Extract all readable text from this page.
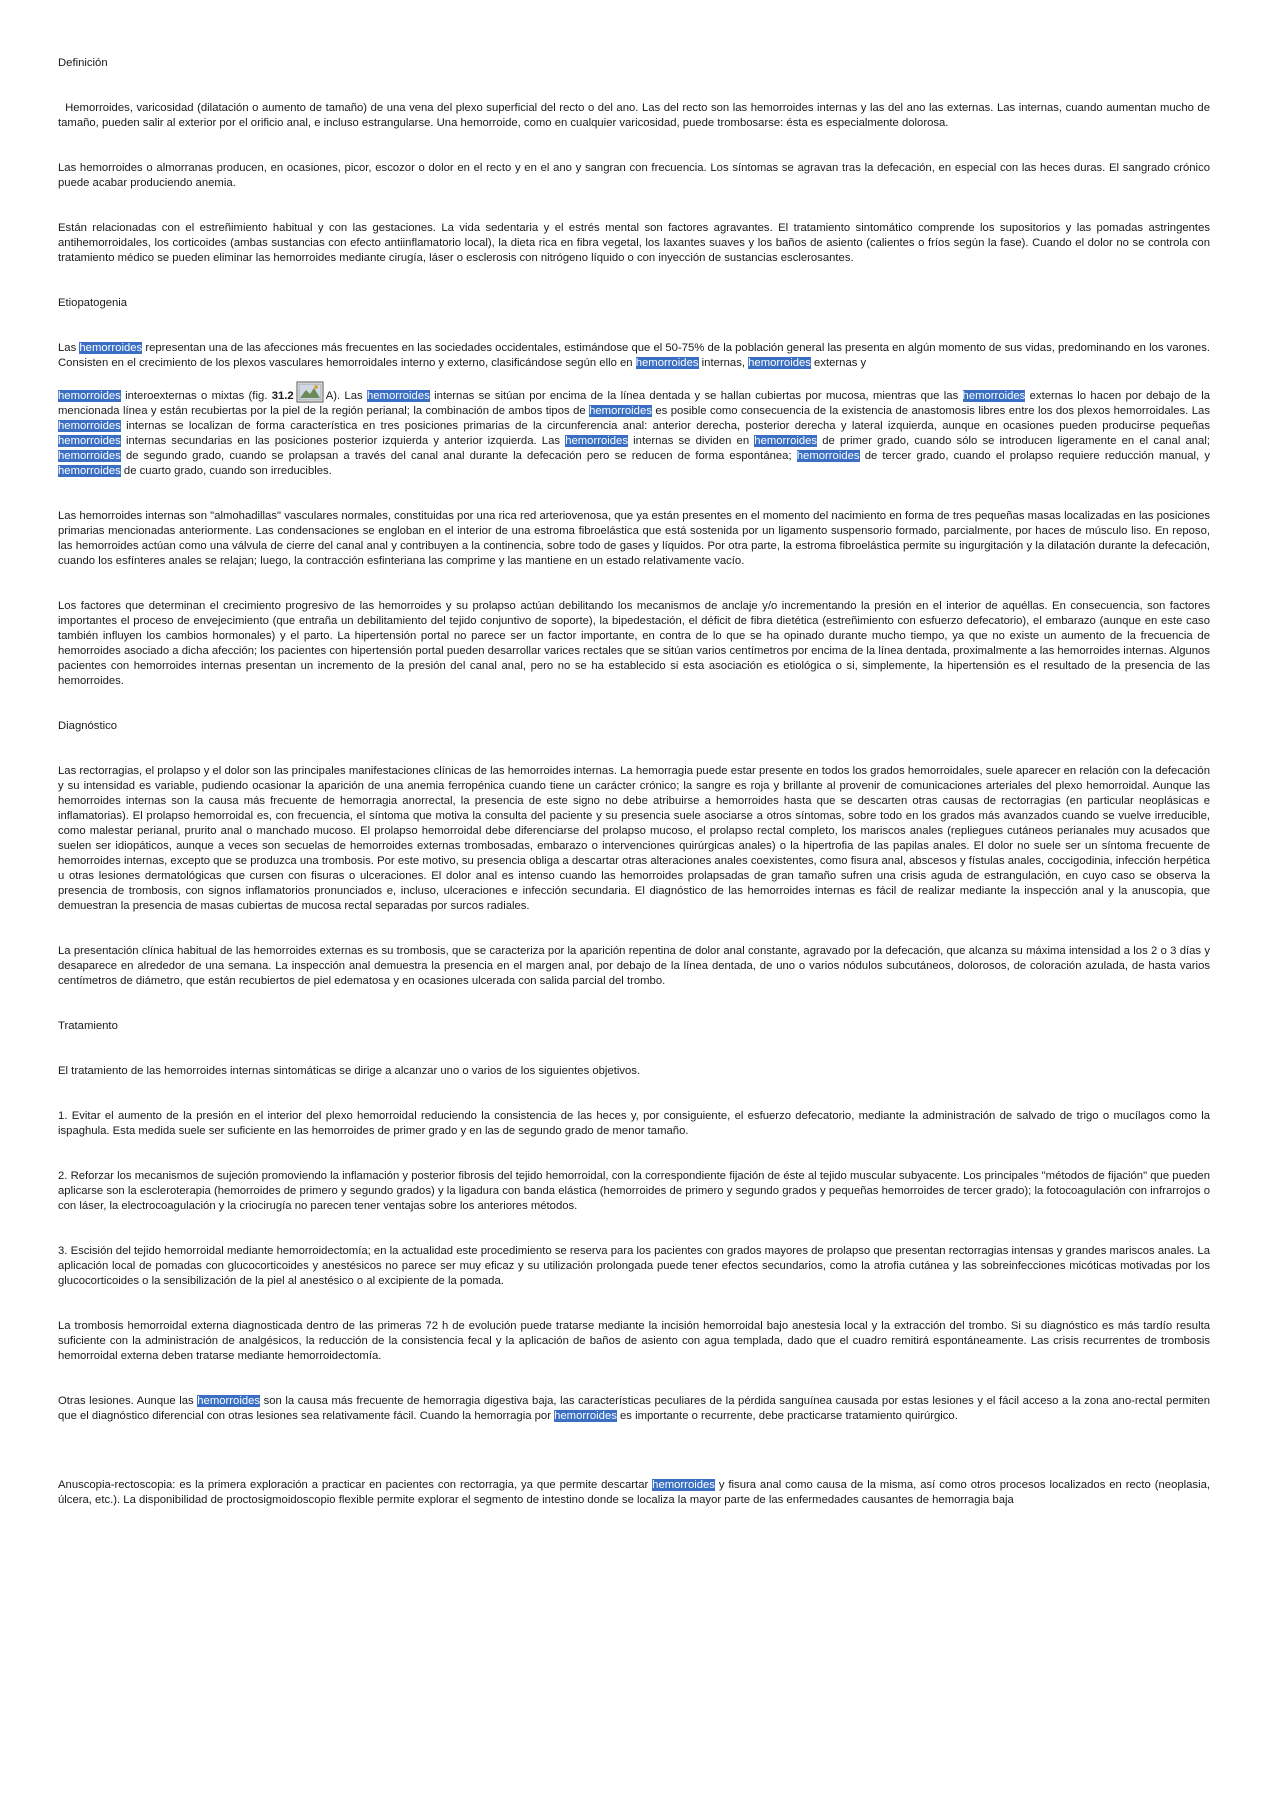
Definición

Hemorroides, varicosidad (dilatación o aumento de tamaño) de una vena del plexo superficial del recto o del ano. Las del recto son las hemorroides internas y las del ano las externas. Las internas, cuando aumentan mucho de tamaño, pueden salir al exterior por el orificio anal, e incluso estrangularse. Una hemorroide, como en cualquier varicosidad, puede trombosarse: ésta es especialmente dolorosa.

Las hemorroides o almorranas producen, en ocasiones, picor, escozor o dolor en el recto y en el ano y sangran con frecuencia. Los síntomas se agravan tras la defecación, en especial con las heces duras. El sangrado crónico puede acabar produciendo anemia.

Están relacionadas con el estreñimiento habitual y con las gestaciones. La vida sedentaria y el estrés mental son factores agravantes. El tratamiento sintomático comprende los supositorios y las pomadas astringentes antihemorroidales, los corticoides (ambas sustancias con efecto antiinflamatorio local), la dieta rica en fibra vegetal, los laxantes suaves y los baños de asiento (calientes o fríos según la fase). Cuando el dolor no se controla con tratamiento médico se pueden eliminar las hemorroides mediante cirugía, láser o esclerosis con nitrógeno líquido o con inyección de sustancias esclerosantes.

Etiopatogenia

Las hemorroides representan una de las afecciones más frecuentes en las sociedades occidentales, estimándose que el 50-75% de la población general las presenta en algún momento de sus vidas, predominando en los varones. Consisten en el crecimiento de los plexos vasculares hemorroidales interno y externo, clasificándose según ello en hemorroides internas, hemorroides externas y

hemorroides interoexternas o mixtas (fig. 31.2	A). Las hemorroides internas se sitúan por encima de la línea dentada y se hallan cubiertas por mucosa, mientras que las hemorroides externas lo hacen por debajo de la mencionada línea y están recubiertas por la piel de la región perianal; la combinación de ambos tipos de hemorroides es posible como consecuencia de la existencia de anastomosis libres entre los dos plexos hemorroidales. Las hemorroides internas se localizan de forma característica en tres posiciones primarias de la circunferencia anal: anterior derecha, posterior derecha y lateral izquierda, aunque en ocasiones pueden producirse pequeñas hemorroides internas secundarias en las posiciones posterior izquierda y anterior izquierda. Las hemorroides internas se dividen en hemorroides de primer grado, cuando sólo se introducen ligeramente en el canal anal; hemorroides de segundo grado, cuando se prolapsan a través del canal anal durante la defecación pero se reducen de forma espontánea; hemorroides de tercer grado, cuando el prolapso requiere reducción manual, y hemorroides de cuarto grado, cuando son irreducibles.

Las hemorroides internas son "almohadillas" vasculares normales, constituidas por una rica red arteriovenosa, que ya están presentes en el momento del nacimiento en forma de tres pequeñas masas localizadas en las posiciones primarias mencionadas anteriormente. Las condensaciones se engloban en el interior de una estroma fibroelástica que está sostenida por un ligamento suspensorio formado, parcialmente, por haces de músculo liso. En reposo, las hemorroides actúan como una válvula de cierre del canal anal y contribuyen a la continencia, sobre todo de gases y líquidos. Por otra parte, la estroma fibroelástica permite su ingurgitación y la dilatación durante la defecación, cuando los esfínteres anales se relajan; luego, la contracción esfinteriana las comprime y las mantiene en un estado relativamente vacío.

Los factores que determinan el crecimiento progresivo de las hemorroides y su prolapso actúan debilitando los mecanismos de anclaje y/o incrementando la presión en el interior de aquéllas. En consecuencia, son factores importantes el proceso de envejecimiento (que entraña un debilitamiento del tejido conjuntivo de soporte), la bipedestación, el déficit de fibra dietética (estreñimiento con esfuerzo defecatorio), el embarazo (aunque en este caso también influyen los cambios hormonales) y el parto. La hipertensión portal no parece ser un factor importante, en contra de lo que se ha opinado durante mucho tiempo, ya que no existe un aumento de la frecuencia de hemorroides asociado a dicha afección; los pacientes con hipertensión portal pueden desarrollar varices rectales que se sitúan varios centímetros por encima de la línea dentada, proximalmente a las hemorroides internas. Algunos pacientes con hemorroides internas presentan un incremento de la presión del canal anal, pero no se ha establecido si esta asociación es etiológica o si, simplemente, la hipertensión es el resultado de la presencia de las hemorroides.

Diagnóstico

Las rectorragias, el prolapso y el dolor son las principales manifestaciones clínicas de las hemorroides internas. La hemorragia puede estar presente en todos los grados hemorroidales, suele aparecer en relación con la defecación y su intensidad es variable, pudiendo ocasionar la aparición de una anemia ferropénica cuando tiene un carácter crónico; la sangre es roja y brillante al provenir de comunicaciones arteriales del plexo hemorroidal. Aunque las hemorroides internas son la causa más frecuente de hemorragia anorrectal, la presencia de este signo no debe atribuirse a hemorroides hasta que se descarten otras causas de rectorragias (en particular neoplásicas e inflamatorias). El prolapso hemorroidal es, con frecuencia, el síntoma que motiva la consulta del paciente y su presencia suele asociarse a otros síntomas, sobre todo en los grados más avanzados cuando se vuelve irreducible, como malestar perianal, prurito anal o manchado mucoso. El prolapso hemorroidal debe diferenciarse del prolapso mucoso, el prolapso rectal completo, los mariscos anales (repliegues cutáneos perianales muy acusados que suelen ser idiopáticos, aunque a veces son secuelas de hemorroides externas trombosadas, embarazo o intervenciones quirúrgicas anales) o la hipertrofia de las papilas anales. El dolor no suele ser un síntoma frecuente de hemorroides internas, excepto que se produzca una trombosis. Por este motivo, su presencia obliga a descartar otras alteraciones anales coexistentes, como fisura anal, abscesos y fístulas anales, coccigodinia, infección herpética u otras lesiones dermatológicas que cursen con fisuras o ulceraciones. El dolor anal es intenso cuando las hemorroides prolapsadas de gran tamaño sufren una crisis aguda de estrangulación, en cuyo caso se observa la presencia de trombosis, con signos inflamatorios pronunciados e, incluso, ulceraciones e infección secundaria. El diagnóstico de las hemorroides internas es fácil de realizar mediante la inspección anal y la anuscopia, que demuestran la presencia de masas cubiertas de mucosa rectal separadas por surcos radiales.

La presentación clínica habitual de las hemorroides externas es su trombosis, que se caracteriza por la aparición repentina de dolor anal constante, agravado por la defecación, que alcanza su máxima intensidad a los 2 o 3 días y desaparece en alrededor de una semana. La inspección anal demuestra la presencia en el margen anal, por debajo de la línea dentada, de uno o varios nódulos subcutáneos, dolorosos, de coloración azulada, de hasta varios centímetros de diámetro, que están recubiertos de piel edematosa y en ocasiones ulcerada con salida parcial del trombo.

Tratamiento

El tratamiento de las hemorroides internas sintomáticas se dirige a alcanzar uno o varios de los siguientes objetivos.

1. Evitar el aumento de la presión en el interior del plexo hemorroidal reduciendo la consistencia de las heces y, por consiguiente, el esfuerzo defecatorio, mediante la administración de salvado de trigo o mucílagos como la ispaghula. Esta medida suele ser suficiente en las hemorroides de primer grado y en las de segundo grado de menor tamaño.

2. Reforzar los mecanismos de sujeción promoviendo la inflamación y posterior fibrosis del tejido hemorroidal, con la correspondiente fijación de éste al tejido muscular subyacente. Los principales "métodos de fijación" que pueden aplicarse son la escleroterapia (hemorroides de primero y segundo grados) y la ligadura con banda elástica (hemorroides de primero y segundo grados y pequeñas hemorroides de tercer grado); la fotocoagulación con infrarrojos o con láser, la electrocoagulación y la criocirugía no parecen tener ventajas sobre los anteriores métodos.

3. Escisión del tejido hemorroidal mediante hemorroidectomía; en la actualidad este procedimiento se reserva para los pacientes con grados mayores de prolapso que presentan rectorragias intensas y grandes mariscos anales. La aplicación local de pomadas con glucocorticoides y anestésicos no parece ser muy eficaz y su utilización prolongada puede tener efectos secundarios, como la atrofia cutánea y las sobreinfecciones micóticas motivadas por los glucocorticoides o la sensibilización de la piel al anestésico o al excipiente de la pomada.

La trombosis hemorroidal externa diagnosticada dentro de las primeras 72 h de evolución puede tratarse mediante la incisión hemorroidal bajo anestesia local y la extracción del trombo. Si su diagnóstico es más tardío resulta suficiente con la administración de analgésicos, la reducción de la consistencia fecal y la aplicación de baños de asiento con agua templada, dado que el cuadro remitirá espontáneamente. Las crisis recurrentes de trombosis hemorroidal externa deben tratarse mediante hemorroidectomía.

Otras lesiones. Aunque las hemorroides son la causa más frecuente de hemorragia digestiva baja, las características peculiares de la pérdida sanguínea causada por estas lesiones y el fácil acceso a la zona ano-rectal permiten que el diagnóstico diferencial con otras lesiones sea relativamente fácil. Cuando la hemorragia por hemorroides es importante o recurrente, debe practicarse tratamiento quirúrgico.

Anuscopia-rectoscopia: es la primera exploración a practicar en pacientes con rectorragia, ya que permite descartar hemorroides y fisura anal como causa de la misma, así como otros procesos localizados en recto (neoplasia, úlcera, etc.). La disponibilidad de proctosigmoidoscopio flexible permite explorar el segmento de intestino donde se localiza la mayor parte de las enfermedades causantes de hemorragia baja
